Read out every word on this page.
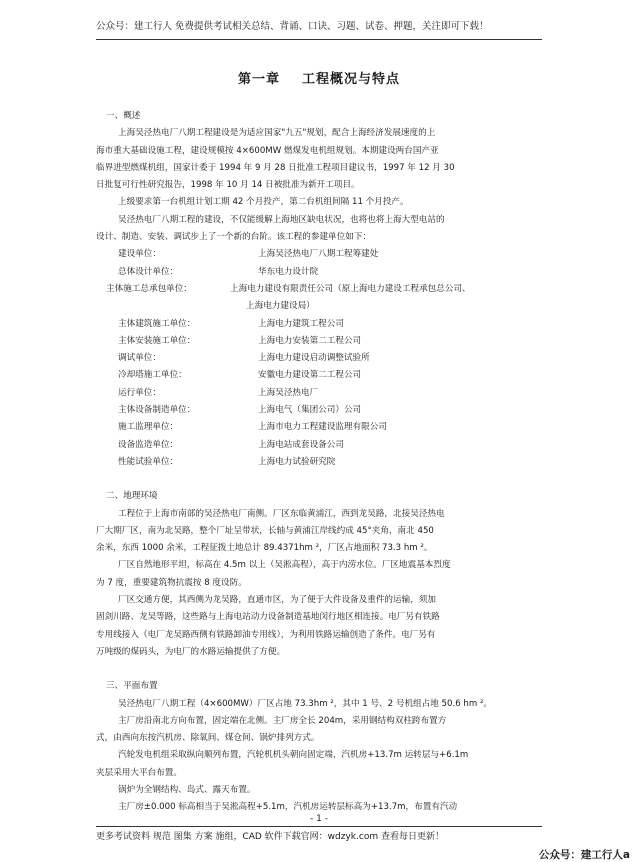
公众号：建工行人 免费提供考试相关总结、背诵、口诀、习题、试卷、押题，关注即可下载！
第一章 工程概况与特点
一、概述
上海吴泾热电厂八期工程建设是为适应国家"九五"规划，配合上海经济发展速度的上
海市重大基础设施工程，建设规模按 4×600MW 燃煤发电机组规划。本期建设两台国产亚
临界进型燃煤机组，国家计委于 1994 年 9 月 28 日批准工程项目建议书，1997 年 12 月 30
日批复可行性研究报告，1998 年 10 月 14 日被批准为新开工项目。
上级要求第一台机组计划工期 42 个月投产，第二台机组间隔 11 个月投产。
吴泾热电厂八期工程的建设，不仅能缓解上海地区缺电状况，也将也将上海大型电站的
设计、制造、安装、调试步上了一个新的台阶。该工程的参建单位如下：
建设单位：	上海吴泾热电厂八期工程筹建处
总体设计单位：	华东电力设计院
主体施工总承包单位：	上海电力建设有限责任公司（原上海电力建设工程承包总公司、
上海电力建设局）
主体建筑施工单位：	上海电力建筑工程公司
主体安装施工单位：	上海电力安装第二工程公司
调试单位：	上海电力建设启动调整试验所
冷却塔施工单位：	安徽电力建设第二工程公司
运行单位：	上海吴泾热电厂
主体设备制造单位：	上海电气（集团公司）公司
施工监理单位：	上海市电力工程建设监理有限公司
设备监造单位：	上海电站成套设备公司
性能试验单位：	上海电力试验研究院
二、地理环境
工程位于上海市南部的吴泾热电厂南侧。厂区东临黄浦江，西到龙吴路，北接吴泾热电
厂大期厂区，南为北吴路，整个厂址呈带状，长轴与黄浦江岸线约成 45°夹角，南北 450
余米，东西 1000 余米，工程征拨土地总计 89.4371hm ²，厂区占地面积 73.3 hm ²。
厂区自然地形平坦，标高在 4.5m 以上（吴淞高程），高于内涝水位。厂区地震基本烈度
为 7 度，重要建筑物抗震按 8 度设防。
厂区交通方便，其西侧为龙吴路，直通市区，为了便于大件设备及重件的运输，须加
固剑川路、龙吴等路，这些路与上海电站动力设备制造基地闵行地区相连接。电厂另有铁路
专用线接入（电厂龙吴路西侧有铁路卸油专用线），为利用铁路运输创造了条件。电厂另有
万吨级的煤码头，为电厂的水路运输提供了方便。
三、平面布置
吴泾热电厂八期工程（4×600MW）厂区占地 73.3hm ²，其中 1 号、2 号机组占地 50.6 hm ²。
主厂房沿南北方向布置，固定端在北侧。主厂房全长 204m，采用钢结构双柱跨布置方
式，由西向东按汽机房、除氧间、煤仓间、锅炉排列方式。
汽轮发电机组采取纵向顺列布置，汽轮机机头朝向固定端，汽机房+13.7m 运转层与+6.1m
夹层采用大平台布置。
锅炉为全钢结构、岛式、露天布置。
主厂房±0.000 标高相当于吴淞高程+5.1m，汽机房运转层标高为+13.7m，布置有汽动
- 1 -
更多考试资料 规范 图集 方案 施组，CAD 软件下载官网：wdzyk.com 查看每日更新！
公众号：建工行人a
